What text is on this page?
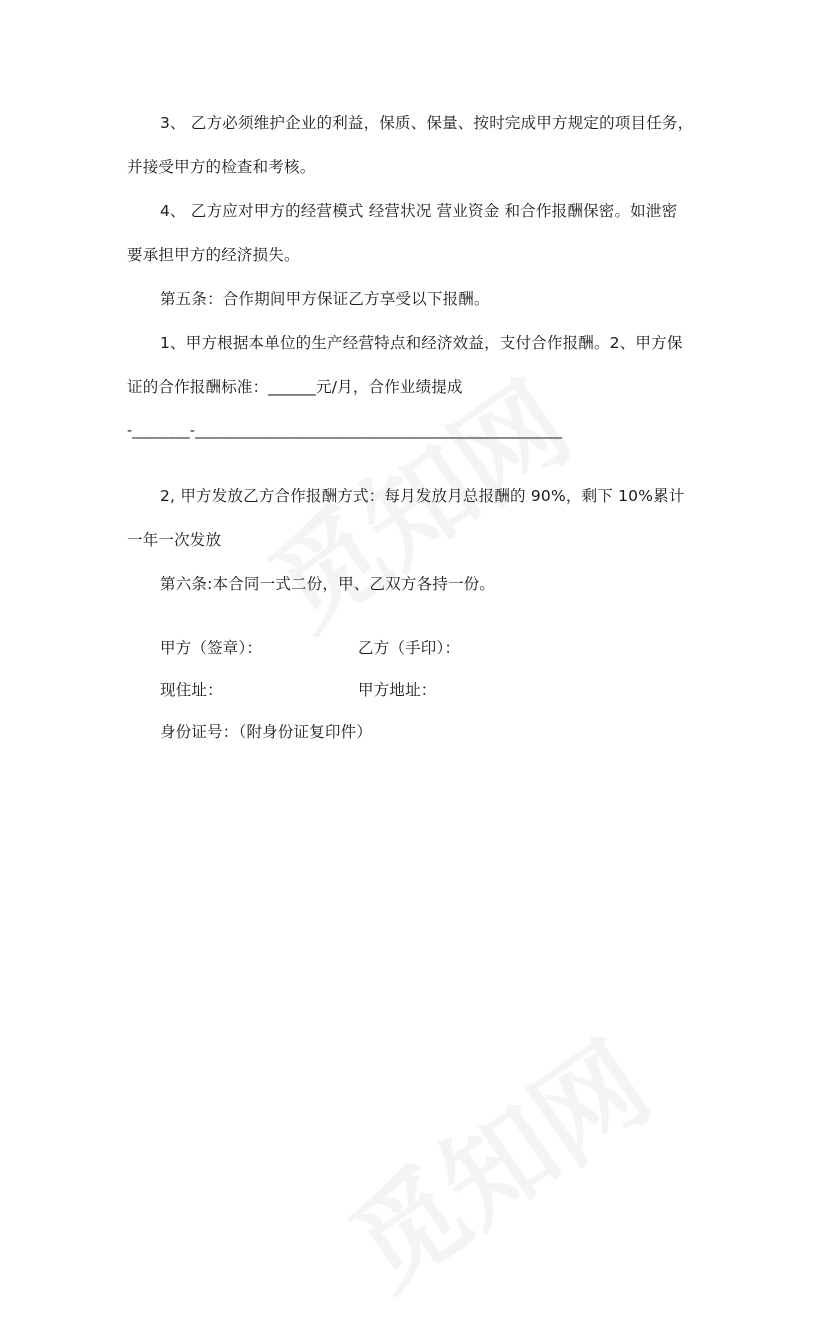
3、 乙方必须维护企业的利益，保质、保量、按时完成甲方规定的项目任务，
并接受甲方的检查和考核。
4、 乙方应对甲方的经营模式 经营状况 营业资金 和合作报酬保密。如泄密
要承担甲方的经济损失。
第五条：合作期间甲方保证乙方享受以下报酬。
1、甲方根据本单位的生产经营特点和经济效益，支付合作报酬。2、甲方保
证的合作报酬标准：______元/月，合作业绩提成
-________-___________________________________________________
2, 甲方发放乙方合作报酬方式：每月发放月总报酬的 90%，剩下 10%累计
一年一次发放
第六条:本合同一式二份，甲、乙双方各持一份。
甲方（签章）：	乙方（手印）：
现住址：	甲方地址：
身份证号：（附身份证复印件）
